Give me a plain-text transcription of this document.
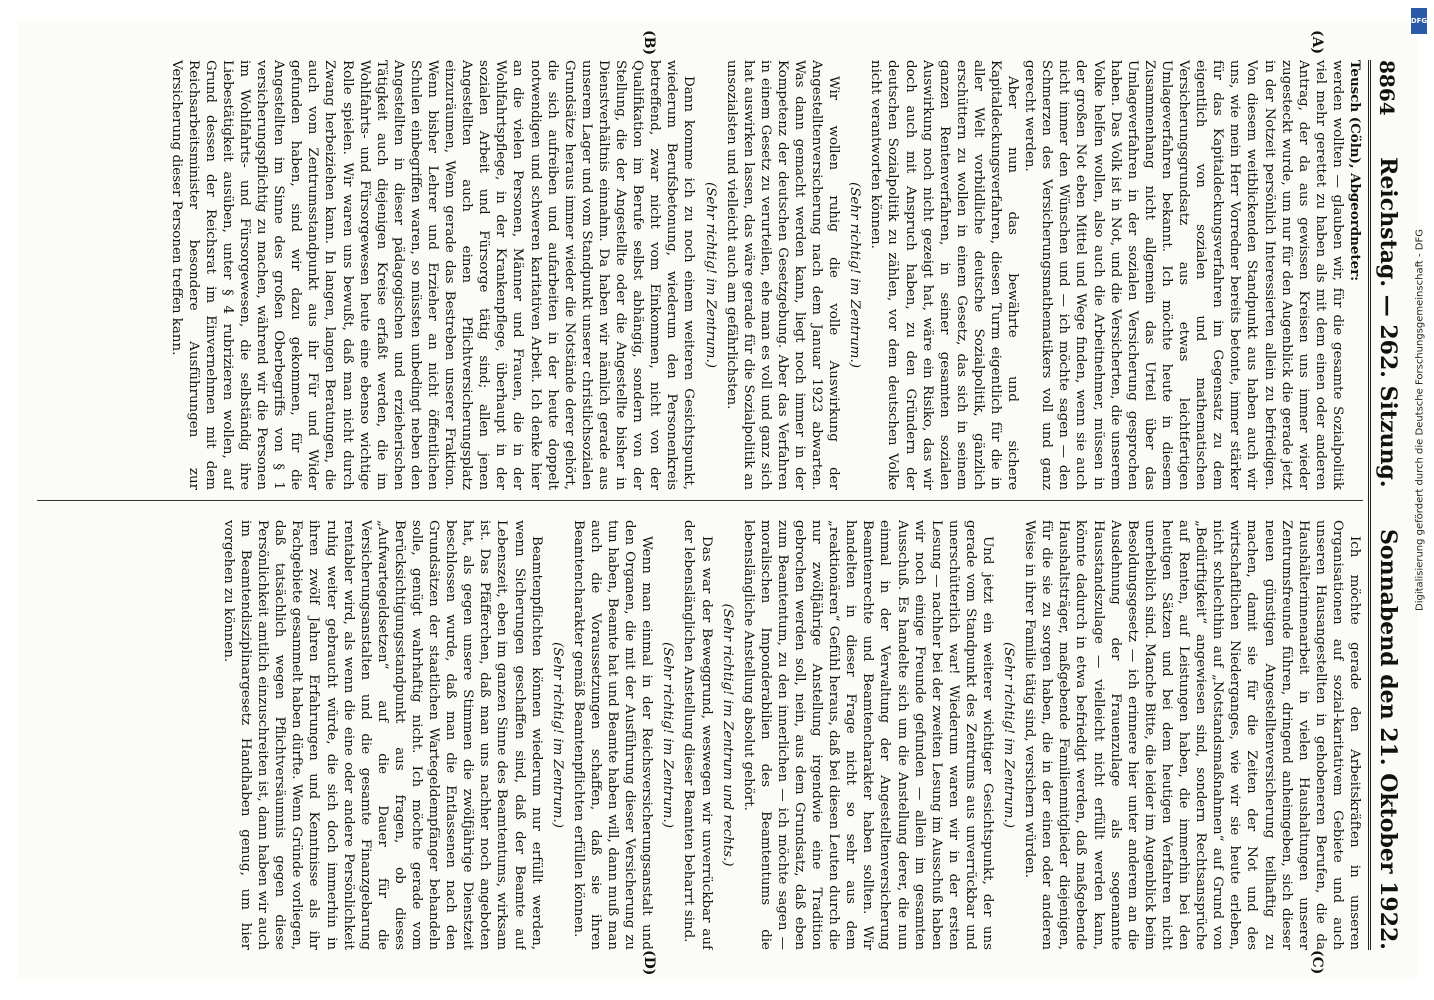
8864
Reichstag. — 262. Sitzung.
Sonnabend den 21. Oktober 1922.
(A)
(B)
(C)
(D)

Teusch (Cöln), Abgeordneter:

werden wollten — glauben wir, für die gesamte Sozialpolitik viel mehr gerettet zu haben als mit dem einen oder anderen Antrag, der da aus gewissen Kreisen uns immer wieder zugesteckt wurde, um nur für den Augenblick die gerade jetzt in der Notzeit persönlich Interessierten allein zu befriedigen. Von diesem weitblickenden Standpunkt aus haben auch wir uns, wie mein Herr Vorredner bereits betonte, immer stärker für das Kapitaldeckungsverfahren im Gegensatz zu dem eigentlich von sozialen und mathematischen Versicherungsgrundsatz aus etwas leichtfertigen Umlageverfahren bekannt. Ich möchte heute in diesem Zusammenhang nicht allgemein das Urteil über das Umlageverfahren in der sozialen Versicherung gesprochen haben. Das Volk ist in Not, und die Versicherten, die unserem Volke helfen wollen, also auch die Arbeitnehmer, müssen in der großen Not eben Mittel und Wege finden, wenn sie auch nicht immer den Wünschen und — ich möchte sagen — den Schmerzen des Versicherungsmathematikers voll und ganz gerecht werden.

Aber nun das bewährte und sichere Kapitaldeckungsverfahren, diesen Turm eigentlich für die in aller Welt vorbildliche deutsche Sozialpolitik, gänzlich erschüttern zu wollen in einem Gesetz, das sich in seinem ganzen Rentenverfahren, in seiner gesamten sozialen Auswirkung noch nicht gezeigt hat, wäre ein Risiko, das wir doch auch mit Anspruch haben, zu den Gründern der deutschen Sozialpolitik zu zählen, vor dem deutschen Volke nicht verantworten können.

(Sehr richtig! im Zentrum.)

Wir wollen ruhig die volle Auswirkung der Angestelltenversicherung nach dem Januar 1923 abwarten. Was dann gemacht werden kann, liegt noch immer in der Kompetenz der deutschen Gesetzgebung. Aber das Verfahren in einem Gesetz zu verurteilen, ehe man es voll und ganz sich hat auswirken lassen, das wäre gerade für die Sozialpolitik an unsozialsten und vielleicht auch am gefährlichsten.

(Sehr richtig! im Zentrum.)

Dann komme ich zu noch einem weiteren Gesichtspunkt, wiederum Berufsbetonung, wiederum den Personenkreis betreffend, zwar nicht vom Einkommen, nicht von der Qualifikation im Berufe selbst abhängig, sondern von der Stellung, die der Angestellte oder die Angestellte bisher in Dienstverhältnis einnahm. Da haben wir nämlich gerade aus unserem Lager und vom Standpunkt unserer christlichsozialen Grundsätze heraus immer wieder die Notstände derer gehört, die sich aufreiben und aufarbeiten in der heute doppelt notwendigen und schweren karitativen Arbeit. Ich denke hier an die vielen Personen, Männer und Frauen, die in der Wohlfahrtspflege, in der Krankenpflege, überhaupt in der sozialen Arbeit und Fürsorge tätig sind; allen jenen Angestellten auch einen Pflichtversicherungsplatz einzuräumen, Wenn gerade das Bestreben unserer Fraktion. Wenn bisher Lehrer und Erzieher an nicht öffentlichen Schulen einbegriffen waren, so müssten unbedingt neben den Angestellten in dieser pädagogischen und erzieherischen Tätigkeit auch diejenigen Kreise erfaßt werden, die im Wohlfahrts- und Fürsorgewesen heute eine ebenso wichtige Rolle spielen. Wir waren uns bewußt, daß man nicht durch Zwang herbeiziehen kann. In langen, langen Beratungen, die auch vom Zentrumsstandpunkt aus ihr Für und Wider gefunden haben, sind wir dazu gekommen, für die Angestellten im Sinne des großen Oberbegriffs von § 1 versicherungspflichtig zu machen, während wir die Personen im Wohlfahrts- und Fürsorgewesen, die selbständig ihre Liebestätigkeit ausüben, unter § 4 rubrizieren wollen, auf Grund dessen der Reichsrat im Einvernehmen mit dem Reichsarbeitsminister besondere Ausführungen zur Versicherung dieser Personen treffen kann.

Ich möchte gerade den Arbeitskräften in unseren Organisationen auf sozial-karitativem Gebiete und auch unseren Hausangestellten in gehobeneren Berufen, die da Haushälterinnenarbeit in vielen Haushaltungen unserer Zentrumsfreunde führen, dringend anheimgeben, sich dieser neuen günstigen Angestelltenversicherung teilhaftig zu machen, damit sie für die Zeiten der Not und des wirtschaftlichen Niederganges, wie wir sie heute erleben, nicht schlechthin auf „Notstandsmaßnahmen“ auf Grund von „Bedürftigkeit“ angewiesen sind, sondern Rechtsansprüche auf Renten, auf Leistungen haben, die immerhin bei den heutigen Sätzen und bei dem heutigen Verfahren nicht unerheblich sind. Manche Bitte, die leider im Augenblick beim Besoldungsgesetz — ich erinnere hier unter anderem an die Ausdehnung der Frauenzulage als sogenannte Hausstandszulage — vielleicht nicht erfüllt werden kann, könnte dadurch in etwa befriedigt werden, daß maßgebende Haushaltsträger, maßgebende Familienmitglieder diejenigen, für die sie zu sorgen haben, die in der einen oder anderen Weise in ihrer Familie tätig sind, versichern würden.

(Sehr richtig! im Zentrum.)

Und jetzt ein weiterer wichtiger Gesichtspunkt, der uns gerade vom Standpunkt des Zentrums aus unverrückbar und unerschütterlich war! Wiederum waren wir in der ersten Lesung — nachher bei der zweiten Lesung im Ausschuß haben wir noch einige Freunde gefunden — allein im gesamten Ausschuß. Es handelte sich um die Anstellung derer, die nun einmal in der Verwaltung der Angestelltenversicherung Beamtenrechte und Beamtencharakter haben sollten. Wir handelten in dieser Frage nicht so sehr aus dem „reaktionären“ Gefühl heraus, daß bei diesen Leuten durch die nur zwölfjährige Anstellung irgendwie eine Tradition gebrochen werden soll, nein, aus dem Grundsatz, daß eben zum Beamtentum, zu den innerlichen — ich möchte sagen — moralischen Imponderabilien des Beamtentums die lebenslängliche Anstellung absolut gehört.

(Sehr richtig! im Zentrum und rechts.)

Das war der Beweggrund, weswegen wir unverrückbar auf der lebenslänglichen Anstellung dieser Beamten beharrt sind.

(Sehr richtig! im Zentrum.)

Wenn man einmal in der Reichsversicherungsanstalt und den Organen, die mit der Ausführung dieser Versicherung zu tun haben, Beamte hat und Beamte haben will, dann muß man auch die Voraussetzungen schaffen, daß sie ihren Beamtencharakter gemäß Beamtenpflichten erfüllen können.

(Sehr richtig! im Zentrum.)

Beamtenpflichten können wiederum nur erfüllt werden, wenn Sicherungen geschaffen sind, daß der Beamte auf Lebenszeit, eben im ganzen Sinne des Beamtentums, wirksam ist. Das Pfäfferchen, daß man uns nachher noch angeboten hat, als gegen unsere Stimmen die zwölfjährige Dienstzeit beschlossen wurde, daß man die Entlassenen nach den Grundsätzen der staatlichen Wartegeldempfänger behandeln solle, genügt wahrhaftig nicht. Ich möchte gerade vom Berücksichtigungsstandpunkt aus fragen, ob dieses „Aufwartegeldsetzen“ auf die Dauer für die Versicherungsanstalten und die gesamte Finanzgebarung rentabler wird, als wenn die eine oder andere Persönlichkeit ruhig weiter gebraucht würde, die sich doch immerhin in ihren zwölf Jahren Erfahrungen und Kenntnisse als ihr Fachgebiete gesammelt haben dürfte. Wenn Gründe vorliegen, daß tatsächlich wegen Pflichtversäumnis gegen diese Persönlichkeit amtlich einzuschreiten ist, dann haben wir auch im Beamtendisziplinargesetz Handhaben genug, um hier vorgehen zu können.

DFG
Digitalisierung gefördert durch die Deutsche Forschungsgemeinschaft - DFG
